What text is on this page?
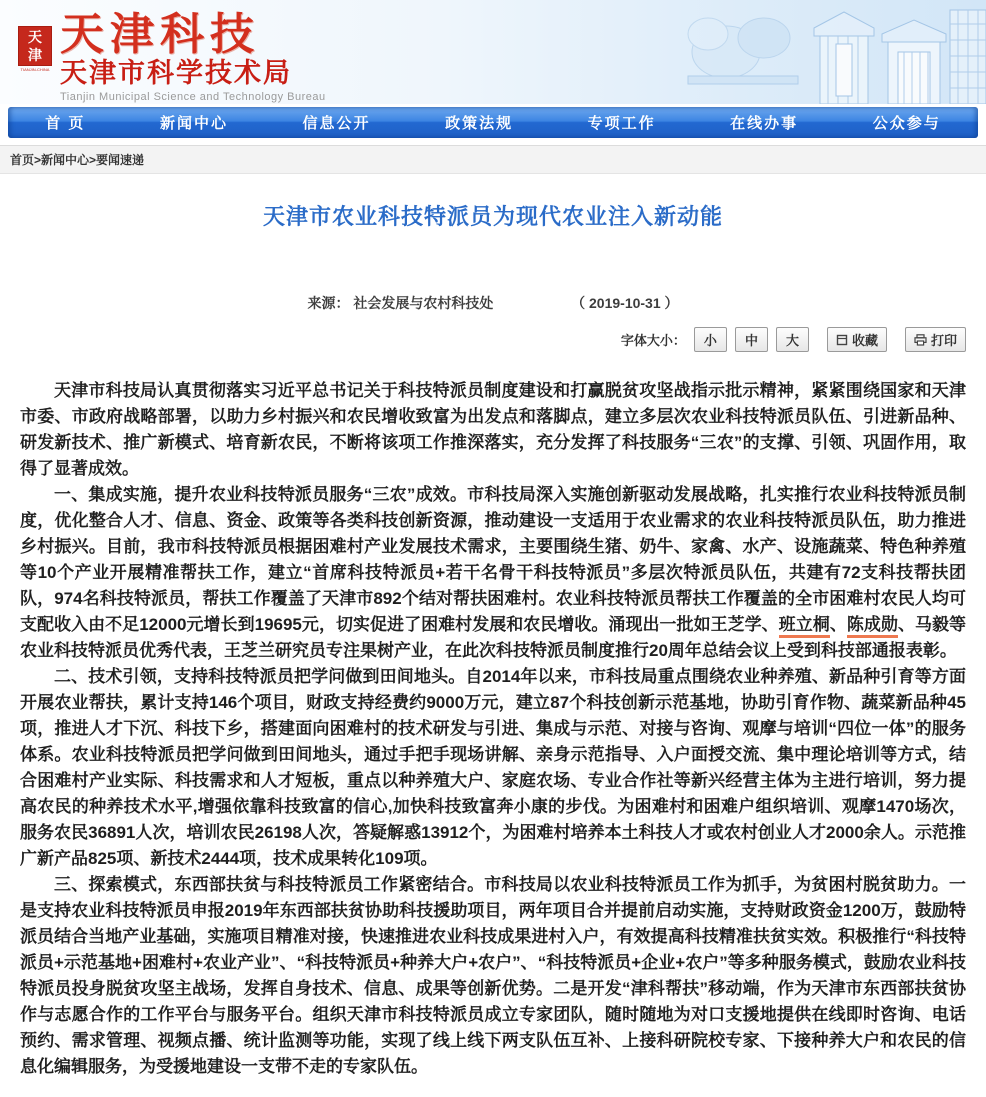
天
津
TIANJIN-CHINA
天津科技
天津市科学技术局
Tianjin Municipal Science and Technology Bureau
首 页	新闻中心	信息公开	政策法规	专项工作	在线办事	公众参与
首页>新闻中心>要闻速递
天津市农业科技特派员为现代农业注入新动能
来源： 社会发展与农村科技处	（ 2019-10-31 ）
字体大小：	小	中	大	收藏	打印

天津市科技局认真贯彻落实习近平总书记关于科技特派员制度建设和打赢脱贫攻坚战指示批示精神，紧紧围绕国家和天津市委、市政府战略部署，以助力乡村振兴和农民增收致富为出发点和落脚点，建立多层次农业科技特派员队伍、引进新品种、研发新技术、推广新模式、培育新农民，不断将该项工作推深落实，充分发挥了科技服务“三农”的支撑、引领、巩固作用，取得了显著成效。

一、集成实施，提升农业科技特派员服务“三农”成效。市科技局深入实施创新驱动发展战略，扎实推行农业科技特派员制度，优化整合人才、信息、资金、政策等各类科技创新资源，推动建设一支适用于农业需求的农业科技特派员队伍，助力推进乡村振兴。目前，我市科技特派员根据困难村产业发展技术需求，主要围绕生猪、奶牛、家禽、水产、设施蔬菜、特色种养殖等10个产业开展精准帮扶工作，建立“首席科技特派员+若干名骨干科技特派员”多层次特派员队伍，共建有72支科技帮扶团队，974名科技特派员，帮扶工作覆盖了天津市892个结对帮扶困难村。农业科技特派员帮扶工作覆盖的全市困难村农民人均可支配收入由不足12000元增长到19695元，切实促进了困难村发展和农民增收。涌现出一批如王芝学、班立桐、陈成勋、马毅等农业科技特派员优秀代表，王芝兰研究员专注果树产业，在此次科技特派员制度推行20周年总结会议上受到科技部通报表彰。

二、技术引领，支持科技特派员把学问做到田间地头。自2014年以来，市科技局重点围绕农业种养殖、新品种引育等方面开展农业帮扶，累计支持146个项目，财政支持经费约9000万元，建立87个科技创新示范基地，协助引育作物、蔬菜新品种45项，推进人才下沉、科技下乡，搭建面向困难村的技术研发与引进、集成与示范、对接与咨询、观摩与培训“四位一体”的服务体系。农业科技特派员把学问做到田间地头，通过手把手现场讲解、亲身示范指导、入户面授交流、集中理论培训等方式，结合困难村产业实际、科技需求和人才短板，重点以种养殖大户、家庭农场、专业合作社等新兴经营主体为主进行培训，努力提高农民的种养技术水平,增强依靠科技致富的信心,加快科技致富奔小康的步伐。为困难村和困难户组织培训、观摩1470场次，服务农民36891人次，培训农民26198人次，答疑解惑13912个，为困难村培养本土科技人才或农村创业人才2000余人。示范推广新产品825项、新技术2444项，技术成果转化109项。

三、探索模式，东西部扶贫与科技特派员工作紧密结合。市科技局以农业科技特派员工作为抓手，为贫困村脱贫助力。一是支持农业科技特派员申报2019年东西部扶贫协助科技援助项目，两年项目合并提前启动实施，支持财政资金1200万，鼓励特派员结合当地产业基础，实施项目精准对接，快速推进农业科技成果进村入户，有效提高科技精准扶贫实效。积极推行“科技特派员+示范基地+困难村+农业产业”、“科技特派员+种养大户+农户”、“科技特派员+企业+农户”等多种服务模式，鼓励农业科技特派员投身脱贫攻坚主战场，发挥自身技术、信息、成果等创新优势。二是开发“津科帮扶”移动端，作为天津市东西部扶贫协作与志愿合作的工作平台与服务平台。组织天津市科技特派员成立专家团队，随时随地为对口支援地提供在线即时咨询、电话预约、需求管理、视频点播、统计监测等功能，实现了线上线下两支队伍互补、上接科研院校专家、下接种养大户和农民的信息化编辑服务，为受援地建设一支带不走的专家队伍。
